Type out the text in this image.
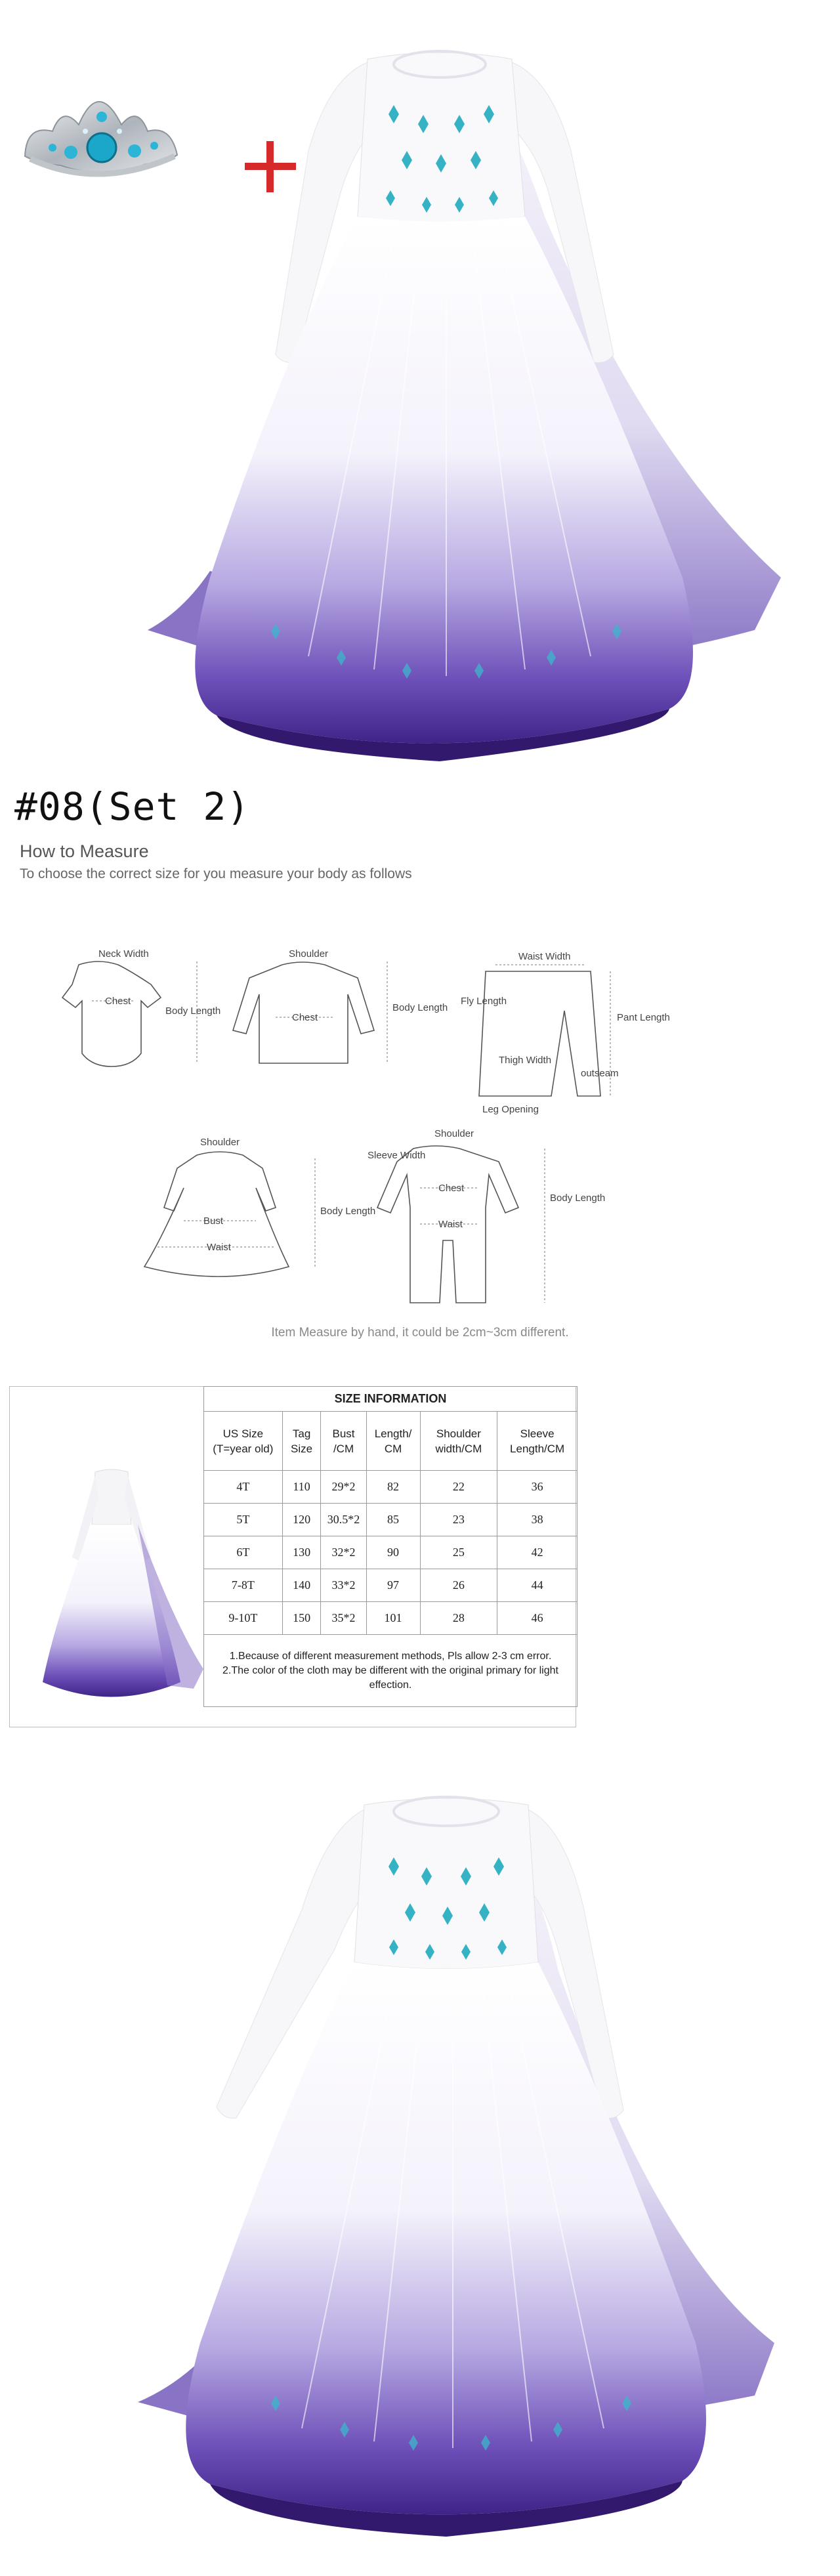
#08(Set 2)
How to Measure
To choose the correct size for you measure your body as follows
Neck Width
Chest
Body Length
Shoulder
Chest
Body Length
Waist Width
Fly Length
Pant Length
Thigh Width
outseam
Leg Opening
Shoulder
Bust
Waist
Body Length
Shoulder
Sleeve Width
Chest
Waist
Body Length
Item Measure by hand, it could be 2cm~3cm different.
SIZE INFORMATION					
US Size (T=year old)	Tag Size	Bust /CM	Length/ CM	Shoulder width/CM	Sleeve Length/CM
4T	110	29*2	82	22	36
5T	120	30.5*2	85	23	38
6T	130	32*2	90	25	42
7-8T	140	33*2	97	26	44
9-10T	150	35*2	101	28	46

1.Because of different measurement methods, Pls allow 2-3 cm error.
2.The color of the cloth may be different with the original primary for light effection.					
